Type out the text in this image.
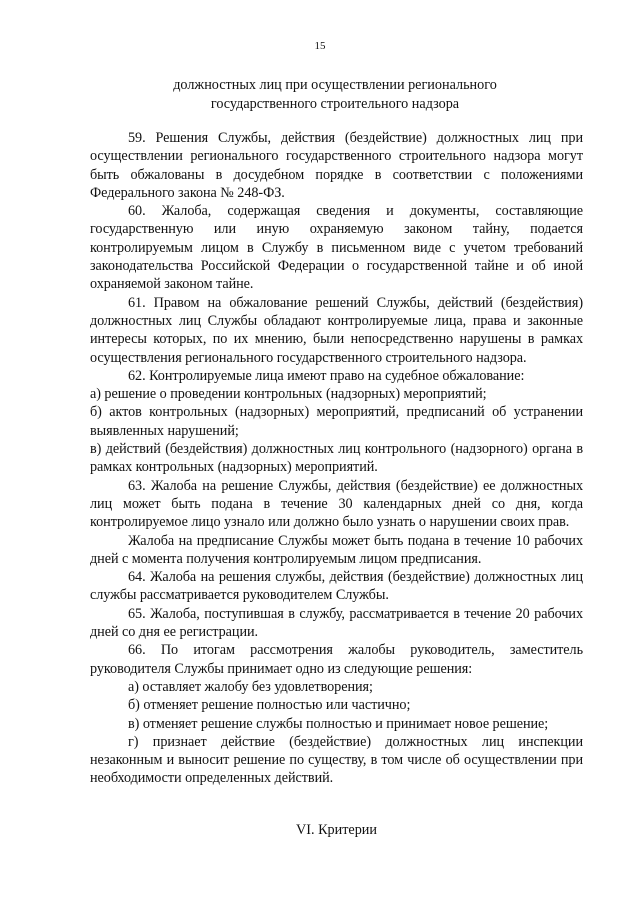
15
должностных лиц при осуществлении регионального
государственного строительного надзора

59. Решения Службы, действия (бездействие) должностных лиц при осуществлении регионального государственного строительного надзора могут быть обжалованы в досудебном порядке в соответствии с положениями Федерального закона № 248-ФЗ.

60. Жалоба, содержащая сведения и документы, составляющие государственную или иную охраняемую законом тайну, подается контролируемым лицом в Службу в письменном виде с учетом требований законодательства Российской Федерации о государственной тайне и об иной охраняемой законом тайне.

61. Правом на обжалование решений Службы, действий (бездействия) должностных лиц Службы обладают контролируемые лица, права и законные интересы которых, по их мнению, были непосредственно нарушены в рамках осуществления регионального государственного строительного надзора.

62. Контролируемые лица имеют право на судебное обжалование:

а) решение о проведении контрольных (надзорных) мероприятий;

б) актов контрольных (надзорных) мероприятий, предписаний об устранении выявленных нарушений;

в) действий (бездействия) должностных лиц контрольного (надзорного) органа в рамках контрольных (надзорных) мероприятий.

63. Жалоба на решение Службы, действия (бездействие) ее должностных лиц может быть подана в течение 30 календарных дней со дня, когда контролируемое лицо узнало или должно было узнать о нарушении своих прав.

Жалоба на предписание Службы может быть подана в течение 10 рабочих дней с момента получения контролируемым лицом предписания.

64. Жалоба на решения службы, действия (бездействие) должностных лиц службы рассматривается руководителем Службы.

65. Жалоба, поступившая в службу, рассматривается в течение 20 рабочих дней со дня ее регистрации.

66. По итогам рассмотрения жалобы руководитель, заместитель руководителя Службы принимает одно из следующие решения:

а) оставляет жалобу без удовлетворения;

б) отменяет решение полностью или частично;

в) отменяет решение службы полностью и принимает новое решение;

г) признает действие (бездействие) должностных лиц инспекции незаконным и выносит решение по существу, в том числе об осуществлении при необходимости определенных действий.

VI. Критерии
